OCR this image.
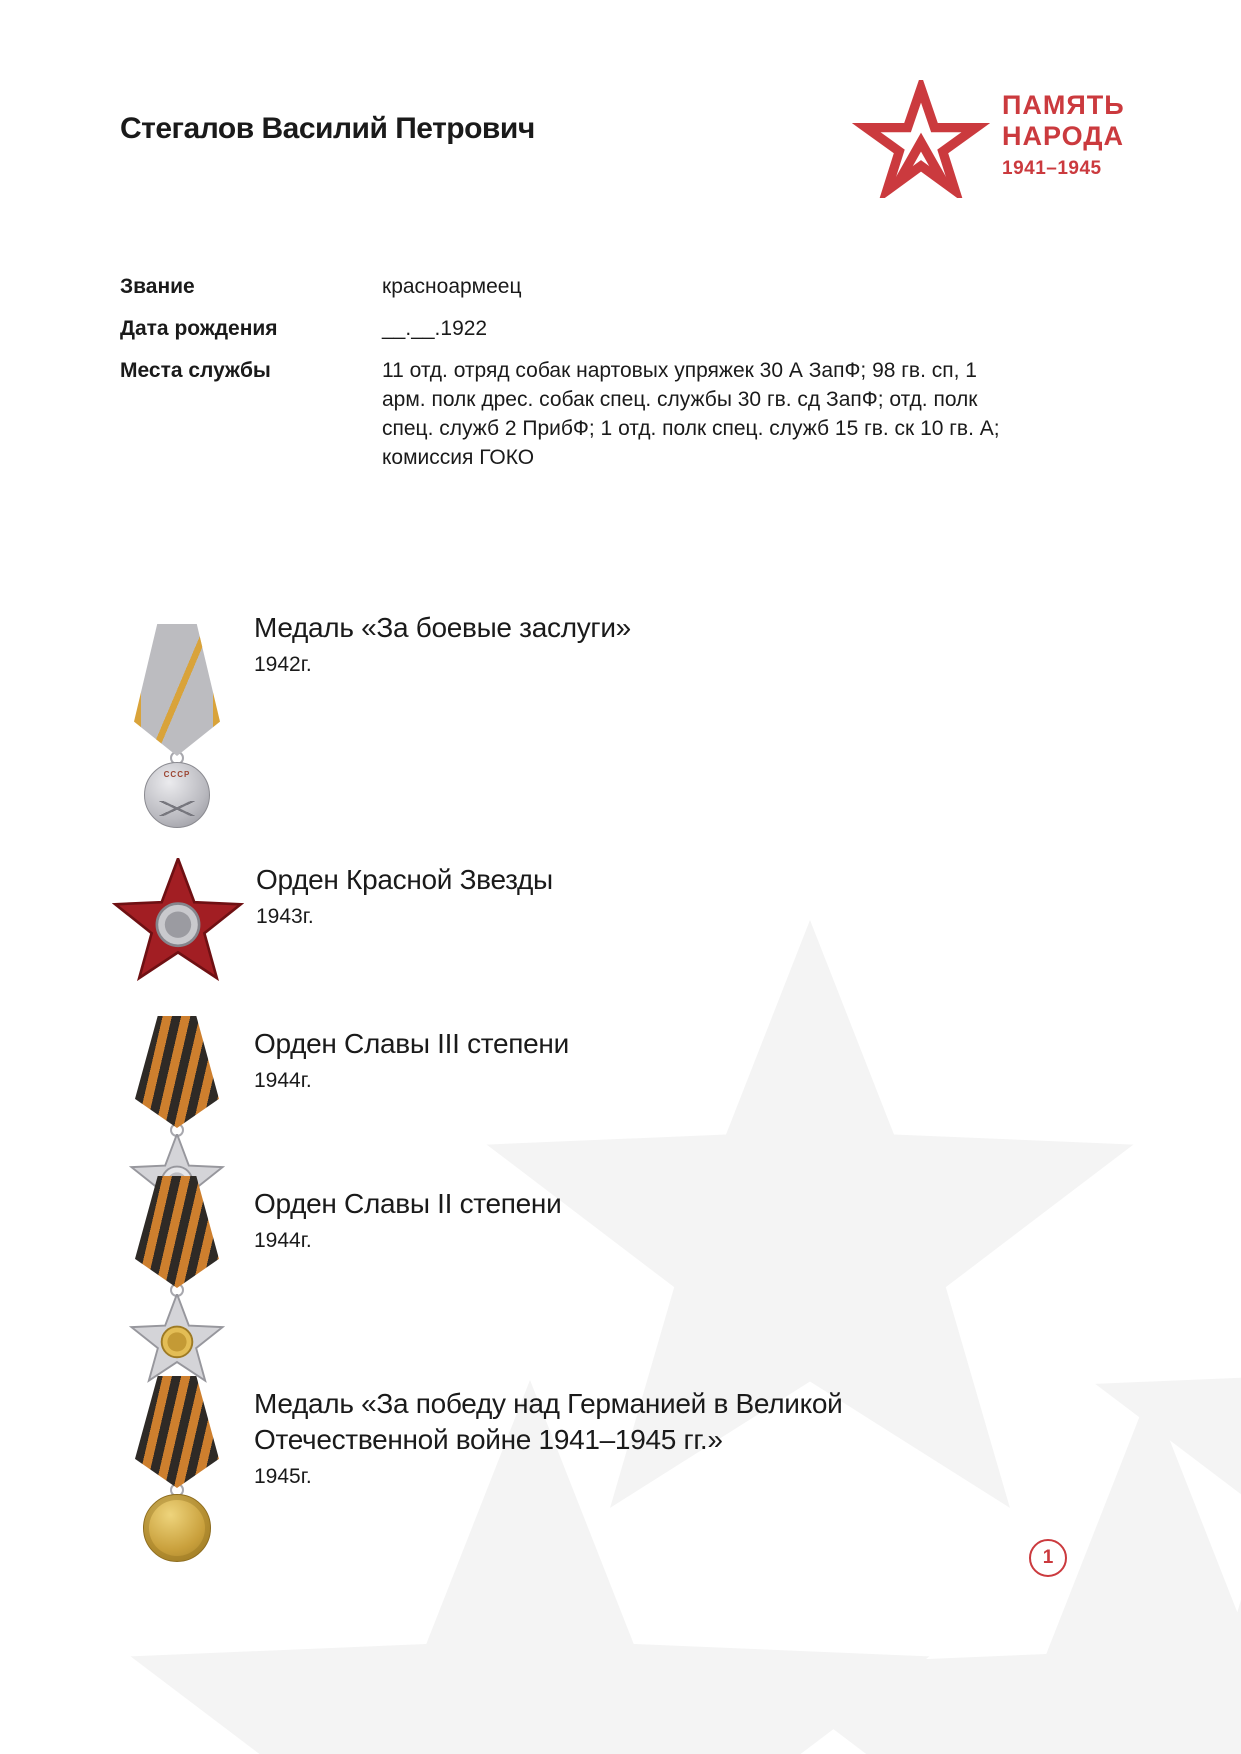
Стегалов Василий Петрович
ПАМЯТЬ
НАРОДА
1941–1945
Звание	красноармеец
Дата рождения	__.__.1922
Места службы	11 отд. отряд собак нартовых упряжек 30 А ЗапФ; 98 гв. сп, 1 арм. полк дрес. собак спец. службы 30 гв. сд ЗапФ; отд. полк спец. служб 2 ПрибФ; 1 отд. полк спец. служб 15 гв. ск 10 гв. А; комиссия ГОКО
СССР
Медаль «За боевые заслуги»
1942г.
Орден Красной Звезды
1943г.
Орден Славы III степени
1944г.
Орден Славы II степени
1944г.
Медаль «За победу над Германией в Великой Отечественной войне 1941–1945 гг.»
1945г.
1
